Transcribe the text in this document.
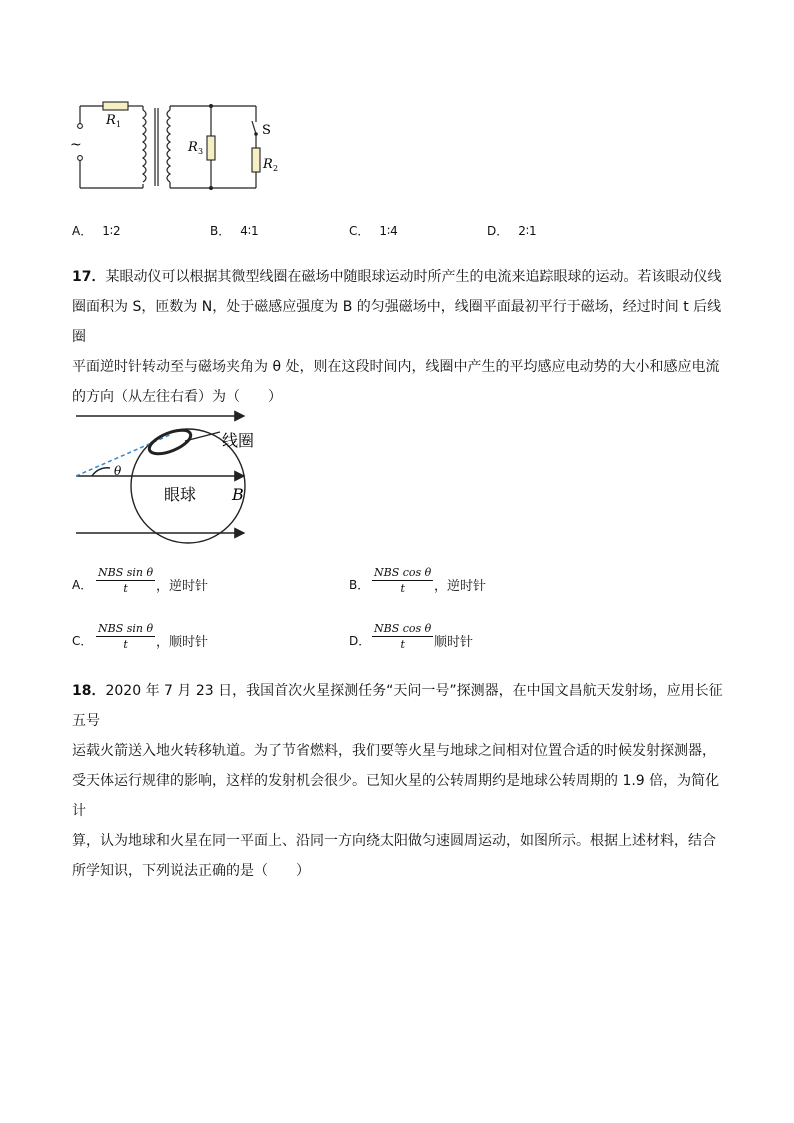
~
R 1
R 3
S
R 2
A． 1∶2	B． 4∶1	C． 1∶4	D． 2∶1
17．某眼动仪可以根据其微型线圈在磁场中随眼球运动时所产生的电流来追踪眼球的运动。若该眼动仪线
圈面积为 S，匝数为 N，处于磁感应强度为 B 的匀强磁场中，线圈平面最初平行于磁场，经过时间 t 后线圈
平面逆时针转动至与磁场夹角为 θ 处，则在这段时间内，线圈中产生的平均感应电动势的大小和感应电流
的方向（从左往右看）为（　　）
θ
线圈
眼球 B
A．
NBS sin θ
t	，逆时针	B．
NBS cos θ
t	，逆时针
C．
NBS sin θ
t	，顺时针	D．
NBS cos θ
t	顺时针
18．2020 年 7 月 23 日，我国首次火星探测任务“天问一号”探测器，在中国文昌航天发射场，应用长征五号
运载火箭送入地火转移轨道。为了节省燃料，我们要等火星与地球之间相对位置合适的时候发射探测器，
受天体运行规律的影响，这样的发射机会很少。已知火星的公转周期约是地球公转周期的 1.9 倍，为简化计
算，认为地球和火星在同一平面上、沿同一方向绕太阳做匀速圆周运动，如图所示。根据上述材料，结合
所学知识，下列说法正确的是（　　）
